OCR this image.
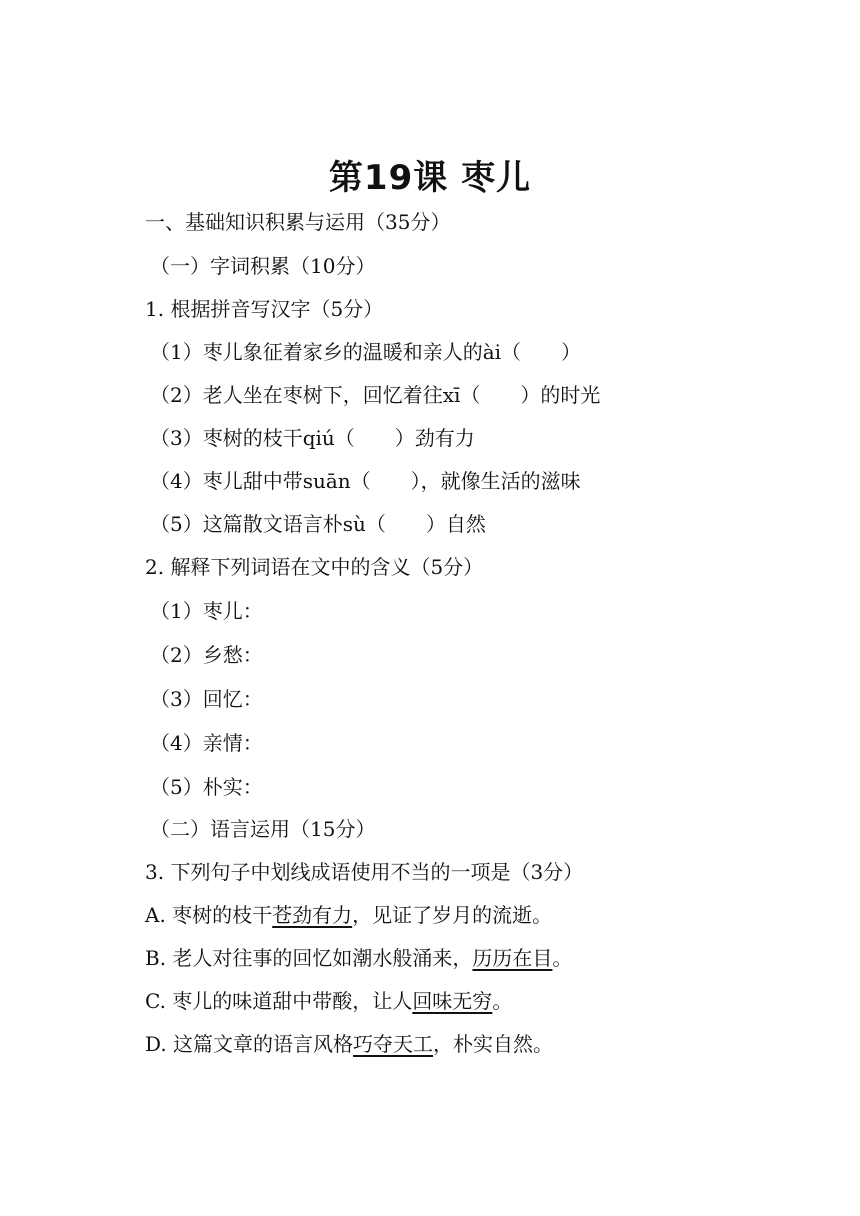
第19课 枣儿
一、基础知识积累与运用（35分）
（一）字词积累（10分）
1. 根据拼音写汉字（5分）
（1）枣儿象征着家乡的温暖和亲人的ài（　　）
（2）老人坐在枣树下，回忆着往xī（　　）的时光
（3）枣树的枝干qiú（　　）劲有力
（4）枣儿甜中带suān（　　），就像生活的滋味
（5）这篇散文语言朴sù（　　）自然
2. 解释下列词语在文中的含义（5分）
（1）枣儿：
（2）乡愁：
（3）回忆：
（4）亲情：
（5）朴实：
（二）语言运用（15分）
3. 下列句子中划线成语使用不当的一项是（3分）
A. 枣树的枝干苍劲有力，见证了岁月的流逝。
B. 老人对往事的回忆如潮水般涌来，历历在目。
C. 枣儿的味道甜中带酸，让人回味无穷。
D. 这篇文章的语言风格巧夺天工，朴实自然。
